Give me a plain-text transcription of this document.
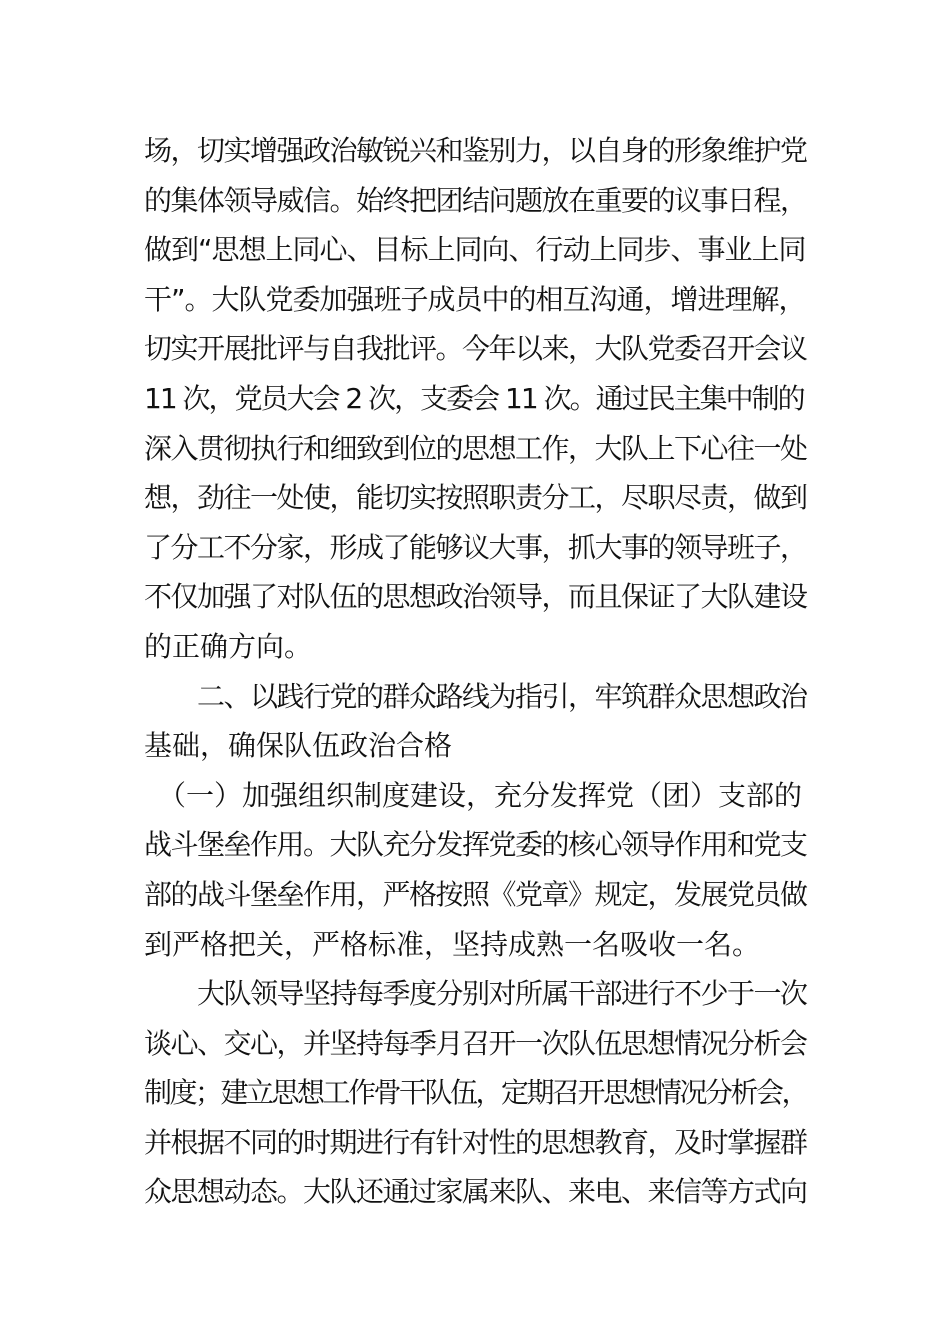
场，切实增强政治敏锐兴和鉴别力，以自身的形象维护党
的集体领导威信。始终把团结问题放在重要的议事日程，
做到“思想上同心、目标上同向、行动上同步、事业上同
干”。大队党委加强班子成员中的相互沟通，增进理解，
切实开展批评与自我批评。今年以来，大队党委召开会议
11 次，党员大会 2 次，支委会 11 次。通过民主集中制的
深入贯彻执行和细致到位的思想工作，大队上下心往一处
想，劲往一处使，能切实按照职责分工，尽职尽责，做到
了分工不分家，形成了能够议大事，抓大事的领导班子，
不仅加强了对队伍的思想政治领导，而且保证了大队建设
的正确方向。
　　二、以践行党的群众路线为指引，牢筑群众思想政治
基础，确保队伍政治合格
　（一）加强组织制度建设，充分发挥党（团）支部的
战斗堡垒作用。大队充分发挥党委的核心领导作用和党支
部的战斗堡垒作用，严格按照《党章》规定，发展党员做
到严格把关，严格标准，坚持成熟一名吸收一名。
　　大队领导坚持每季度分别对所属干部进行不少于一次
谈心、交心，并坚持每季月召开一次队伍思想情况分析会
制度；建立思想工作骨干队伍，定期召开思想情况分析会，
并根据不同的时期进行有针对性的思想教育，及时掌握群
众思想动态。大队还通过家属来队、来电、来信等方式向
